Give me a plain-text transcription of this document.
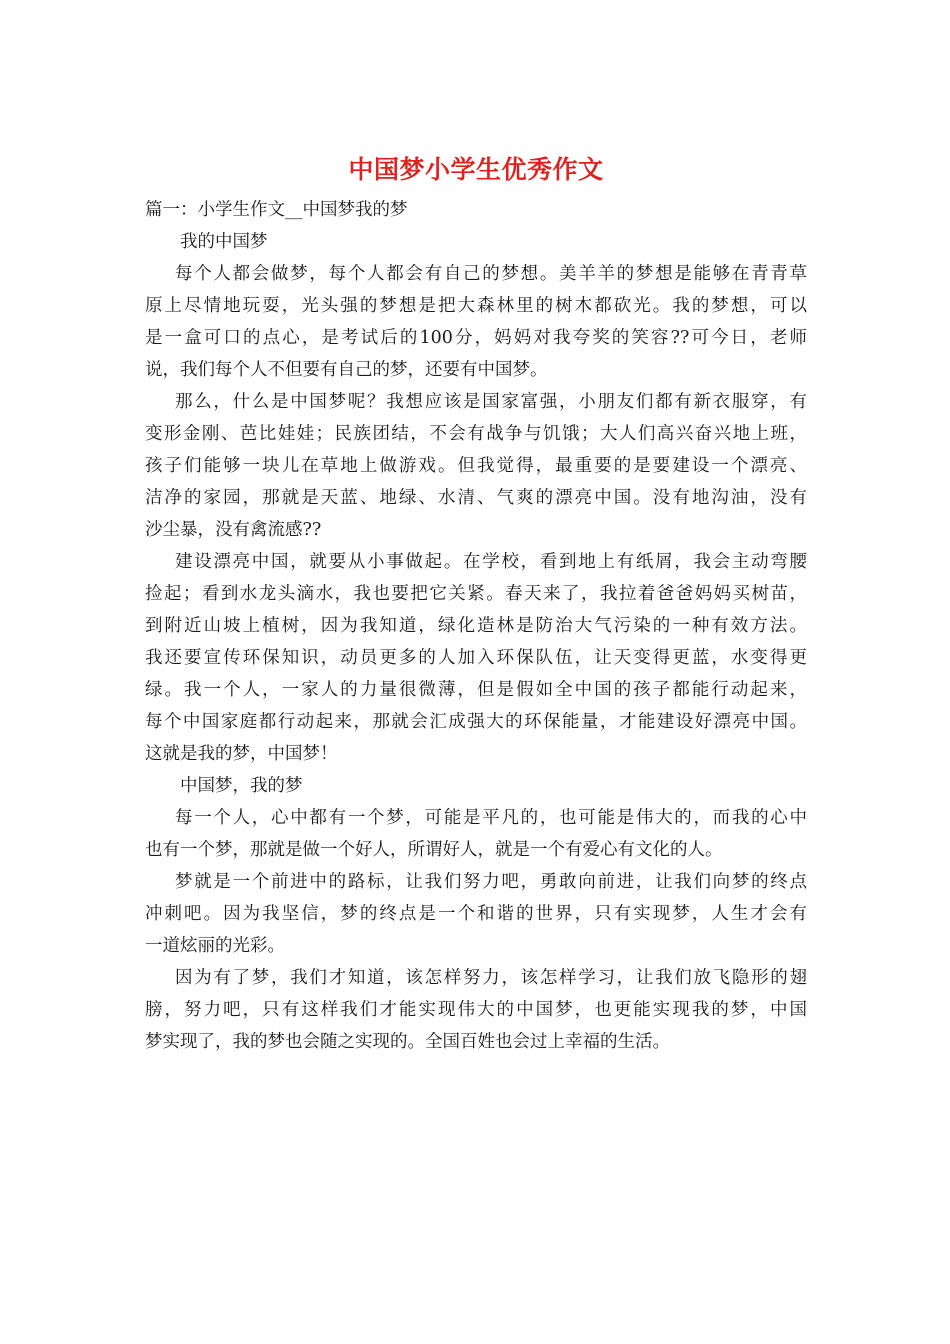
中国梦小学生优秀作文

篇一：小学生作文__中国梦我的梦

我的中国梦

每个人都会做梦，每个人都会有自己的梦想。美羊羊的梦想是能够在青青草
原上尽情地玩耍，光头强的梦想是把大森林里的树木都砍光。我的梦想，可以
是一盒可口的点心，是考试后的100分，妈妈对我夸奖的笑容??可今日，老师
说，我们每个人不但要有自己的梦，还要有中国梦。

那么，什么是中国梦呢？我想应该是国家富强，小朋友们都有新衣服穿，有
变形金刚、芭比娃娃；民族团结，不会有战争与饥饿；大人们高兴奋兴地上班，
孩子们能够一块儿在草地上做游戏。但我觉得，最重要的是要建设一个漂亮、
洁净的家园，那就是天蓝、地绿、水清、气爽的漂亮中国。没有地沟油，没有
沙尘暴，没有禽流感??

建设漂亮中国，就要从小事做起。在学校，看到地上有纸屑，我会主动弯腰
捡起；看到水龙头滴水，我也要把它关紧。春天来了，我拉着爸爸妈妈买树苗，
到附近山坡上植树，因为我知道，绿化造林是防治大气污染的一种有效方法。
我还要宣传环保知识，动员更多的人加入环保队伍，让天变得更蓝，水变得更
绿。我一个人，一家人的力量很微薄，但是假如全中国的孩子都能行动起来，
每个中国家庭都行动起来，那就会汇成强大的环保能量，才能建设好漂亮中国。
这就是我的梦，中国梦！

中国梦，我的梦

每一个人，心中都有一个梦，可能是平凡的，也可能是伟大的，而我的心中
也有一个梦，那就是做一个好人，所谓好人，就是一个有爱心有文化的人。

梦就是一个前进中的路标，让我们努力吧，勇敢向前进，让我们向梦的终点
冲刺吧。因为我坚信，梦的终点是一个和谐的世界，只有实现梦，人生才会有
一道炫丽的光彩。

因为有了梦，我们才知道，该怎样努力，该怎样学习，让我们放飞隐形的翅
膀，努力吧，只有这样我们才能实现伟大的中国梦，也更能实现我的梦，中国
梦实现了，我的梦也会随之实现的。全国百姓也会过上幸福的生活。
